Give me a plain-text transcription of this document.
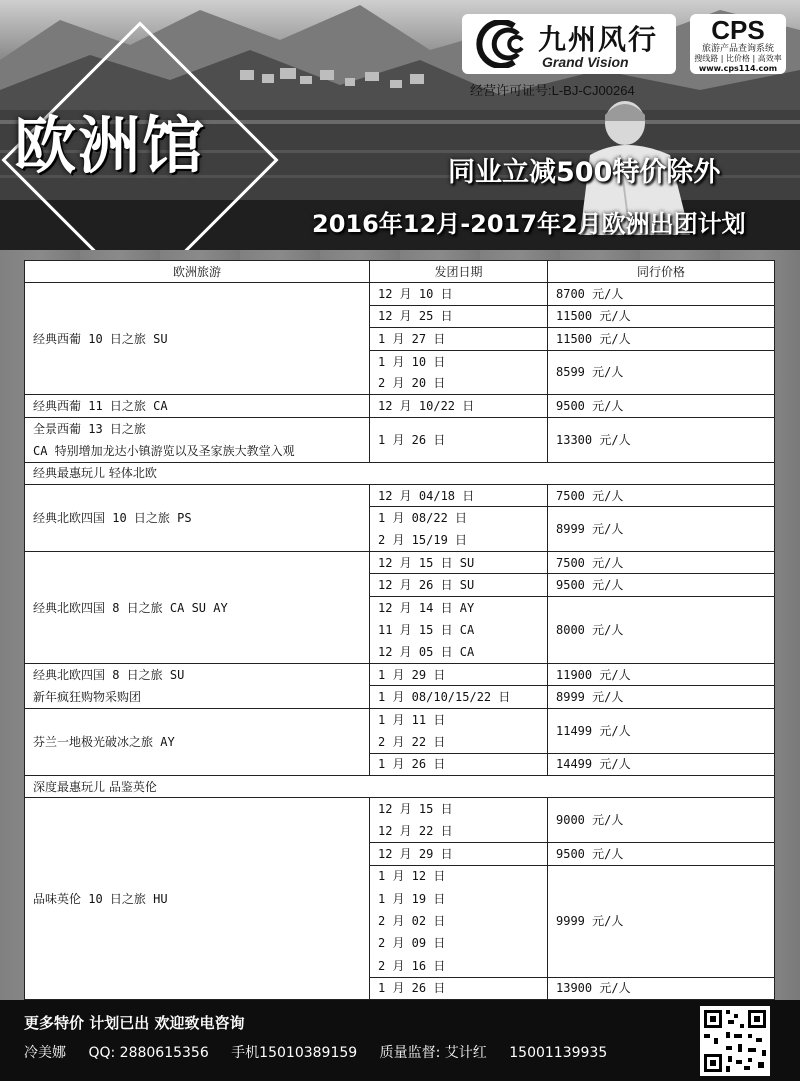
欧洲馆
九州风行
Grand Vision
CPS
旅游产品查询系统
搜线路 | 比价格 | 高效率
www.cps114.com
经营许可证号:L-BJ-CJ00264
同业立减500特价除外
2016年12月-2017年2月欧洲出团计划
欧洲旅游	发团日期	同行价格
经典西葡 10 日之旅 SU	12 月 10 日	8700 元/人
	12 月 25 日	11500 元/人
	1 月 27 日	11500 元/人
	1 月 10 日	8599 元/人
	2 月 20 日	
经典西葡 11 日之旅 CA	12 月 10/22 日	9500 元/人
全景西葡 13 日之旅	1 月 26 日	13300 元/人
CA 特别增加龙达小镇游览以及圣家族大教堂入观		
经典最惠玩儿 轻体北欧		
经典北欧四国 10 日之旅 PS	12 月 04/18 日	7500 元/人
	1 月 08/22 日	8999 元/人
	2 月 15/19 日	
经典北欧四国 8 日之旅 CA SU AY	12 月 15 日 SU	7500 元/人
	12 月 26 日 SU	9500 元/人
	12 月 14 日 AY	8000 元/人
	11 月 15 日 CA	
	12 月 05 日 CA	
经典北欧四国 8 日之旅 SU	1 月 29 日	11900 元/人
新年疯狂购物采购团	1 月 08/10/15/22 日	8999 元/人
芬兰一地极光破冰之旅 AY	1 月 11 日	11499 元/人
	2 月 22 日	
	1 月 26 日	14499 元/人
深度最惠玩儿 品鉴英伦		
品味英伦 10 日之旅 HU	12 月 15 日	9000 元/人
	12 月 22 日	
	12 月 29 日	9500 元/人
	1 月 12 日	9999 元/人
	1 月 19 日	
	2 月 02 日	
	2 月 09 日	
	2 月 16 日	
	1 月 26 日	13900 元/人
更多特价 计划已出 欢迎致电咨询
冷美娜 QQ: 2880615356 手机15010389159 质量监督: 艾计红 15001139935
